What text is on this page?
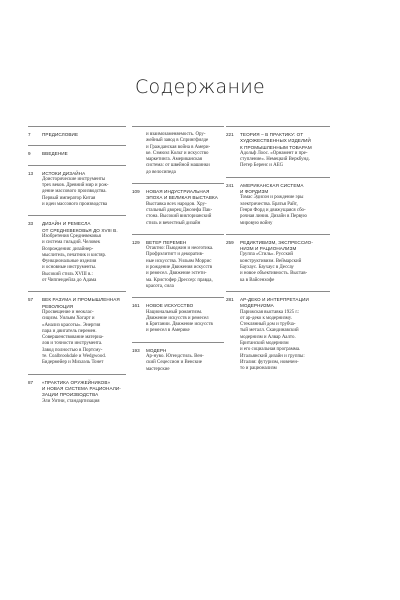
Содержание
7 ПРЕДИСЛОВИЕ
9 ВВЕДЕНИЕ
13 ИСТОКИ ДИЗАЙНА
Доисторические инструменты
трех веков. Древний мир и рож-
дение массового производства.
Первый император Китая
и идеи массового производства
33 ДИЗАЙН И РЕМЕСЛА
ОТ СРЕДНЕВЕКОВЬЯ ДО XVIII В.
Изобретения Средневековья
и система гильдий. Человек
Возрождения: дизайнер-
мыслитель, печатник и кистяр.
Функциональные изделия
и основные инструменты.
Высокий стиль XVIII в.:
от Чиппендейла до Адама
57 ВЕК РАЗУМА И ПРОМЫШЛЕННАЯ
РЕВОЛЮЦИЯ
Просвещение и неоклас-
сицизм. Уильям Хогарт и
«Анализ красоты». Энергия
пара и двигатель перемен.
Совершенствование материа-
лов и точности инструмента.
Завод полностью в Портсму-
те. Coalbrookdale и Wedgwood.
Бидермейер и Михаэль Тонет
87 «ПРАКТИКА ОРУЖЕЙНИКОВ»
И НОВАЯ СИСТЕМА РАЦИОНАЛИ-
ЗАЦИИ ПРОИЗВОДСТВА
Эли Уитни, стандартизация
и взаимозаменяемость. Ору-
жейный завод в Спрингфилде
и Гражданская война в Амери-
ке. Сэмюэл Кольт и искусство
маркетинга. Американская
система: от швейной машинки
до велосипеда
109 НОВАЯ ИНДУСТРИАЛЬНАЯ
ЭПОХА И ВЕЛИКАЯ ВЫСТАВКА
Выставка всех народов. Хру-
стальный дворец Джозефа Пак-
стона. Высокий викторианский
стиль и вечестный дизайн
129 ВЕТЕР ПЕРЕМЕН
Отактно: Пьюджин и неоготика.
Профрэлитигт и декоратив-
ные искусства. Уильям Моррис
и рождение Движения искусств
и ремесел. Движение эстети-
ма. Кристофер Дрессер: правда,
красота, сила
161 НОВОЕ ИСКУССТВО
Национальный романтизм.
Движение искусств и ремесел
в Британии. Движение искусств
и ремесел в Америке
193 МОДЕРН
Ар-нуво. Югендстиль. Вен-
ский Сецессион и Венские
мастерские
221 ТЕОРИЯ – В ПРАКТИКУ: ОТ
ХУДОЖЕСТВЕННЫХ ИЗДЕЛИЙ
К ПРОМЫШЛЕННЫМ ТОВАРАМ
Адольф Лоос. «Орнамент и пре-
ступление». Немецкий Веркбунд.
Петер Беренс и AEG
241 АМЕРИКАНСКАЯ СИСТЕМА
И ФОРДИЗМ
Томас Эдисон и рождение эры
электричества. Братья Райт,
Генри Форд и движущаяся сбо-
рочная линия. Дизайн в Первую
мировую войну
259 РЕДИКТИВИЗМ, ЭКСПРЕССИО-
НИЗМ И РАЦИОНАЛИЗМ
Группа «Стиль». Русский
конструктивизм. Веймарский
Баухаус. Баухаус в Дессау
и новое объективность. Выстав-
ка в Вайсенхофе
281 АР-ДЕКО И ИНТЕРПРЕТАЦИИ
МОДЕРНИЗМА
Парижская выставка 1925 г.:
от ар-деко к модернизму.
Стеклянный дом и трубча-
тый металл. Скандинавский
модернизм и Алвар Аалто.
Британский модернизм
и его социальная программа.
Итальянский дизайн и группы:
Италия: футуризм, новечен-
то и рационализм
